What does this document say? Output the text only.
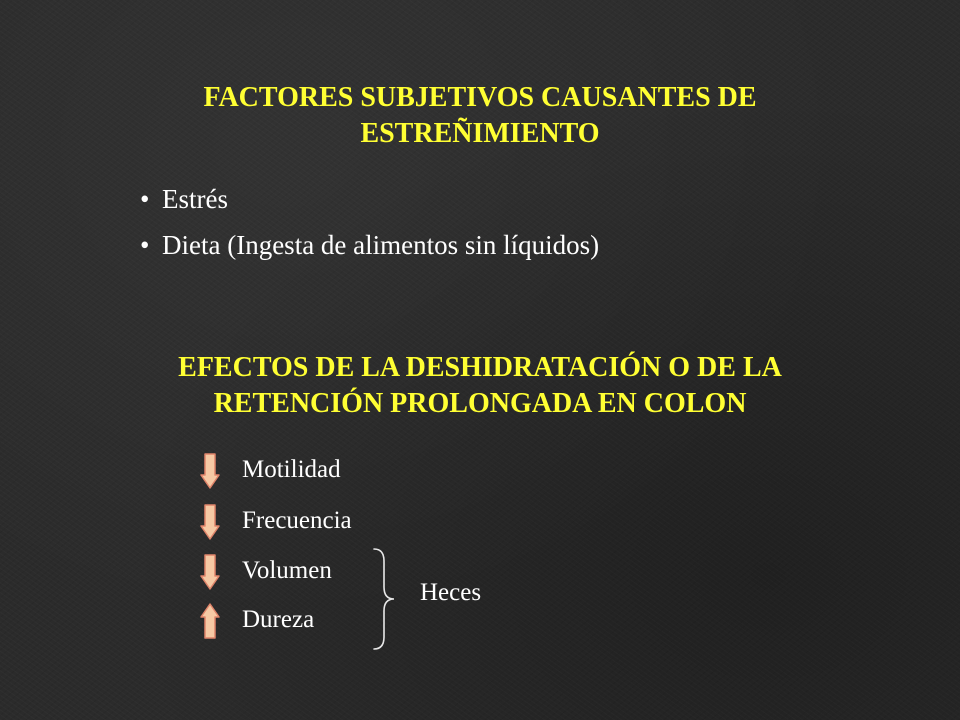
FACTORES SUBJETIVOS CAUSANTES DE
ESTREÑIMIENTO
• Estrés
• Dieta (Ingesta de alimentos sin líquidos)
EFECTOS DE LA DESHIDRATACIÓN O DE LA
RETENCIÓN PROLONGADA EN COLON
Motilidad
Frecuencia
Volumen
Dureza
Heces
